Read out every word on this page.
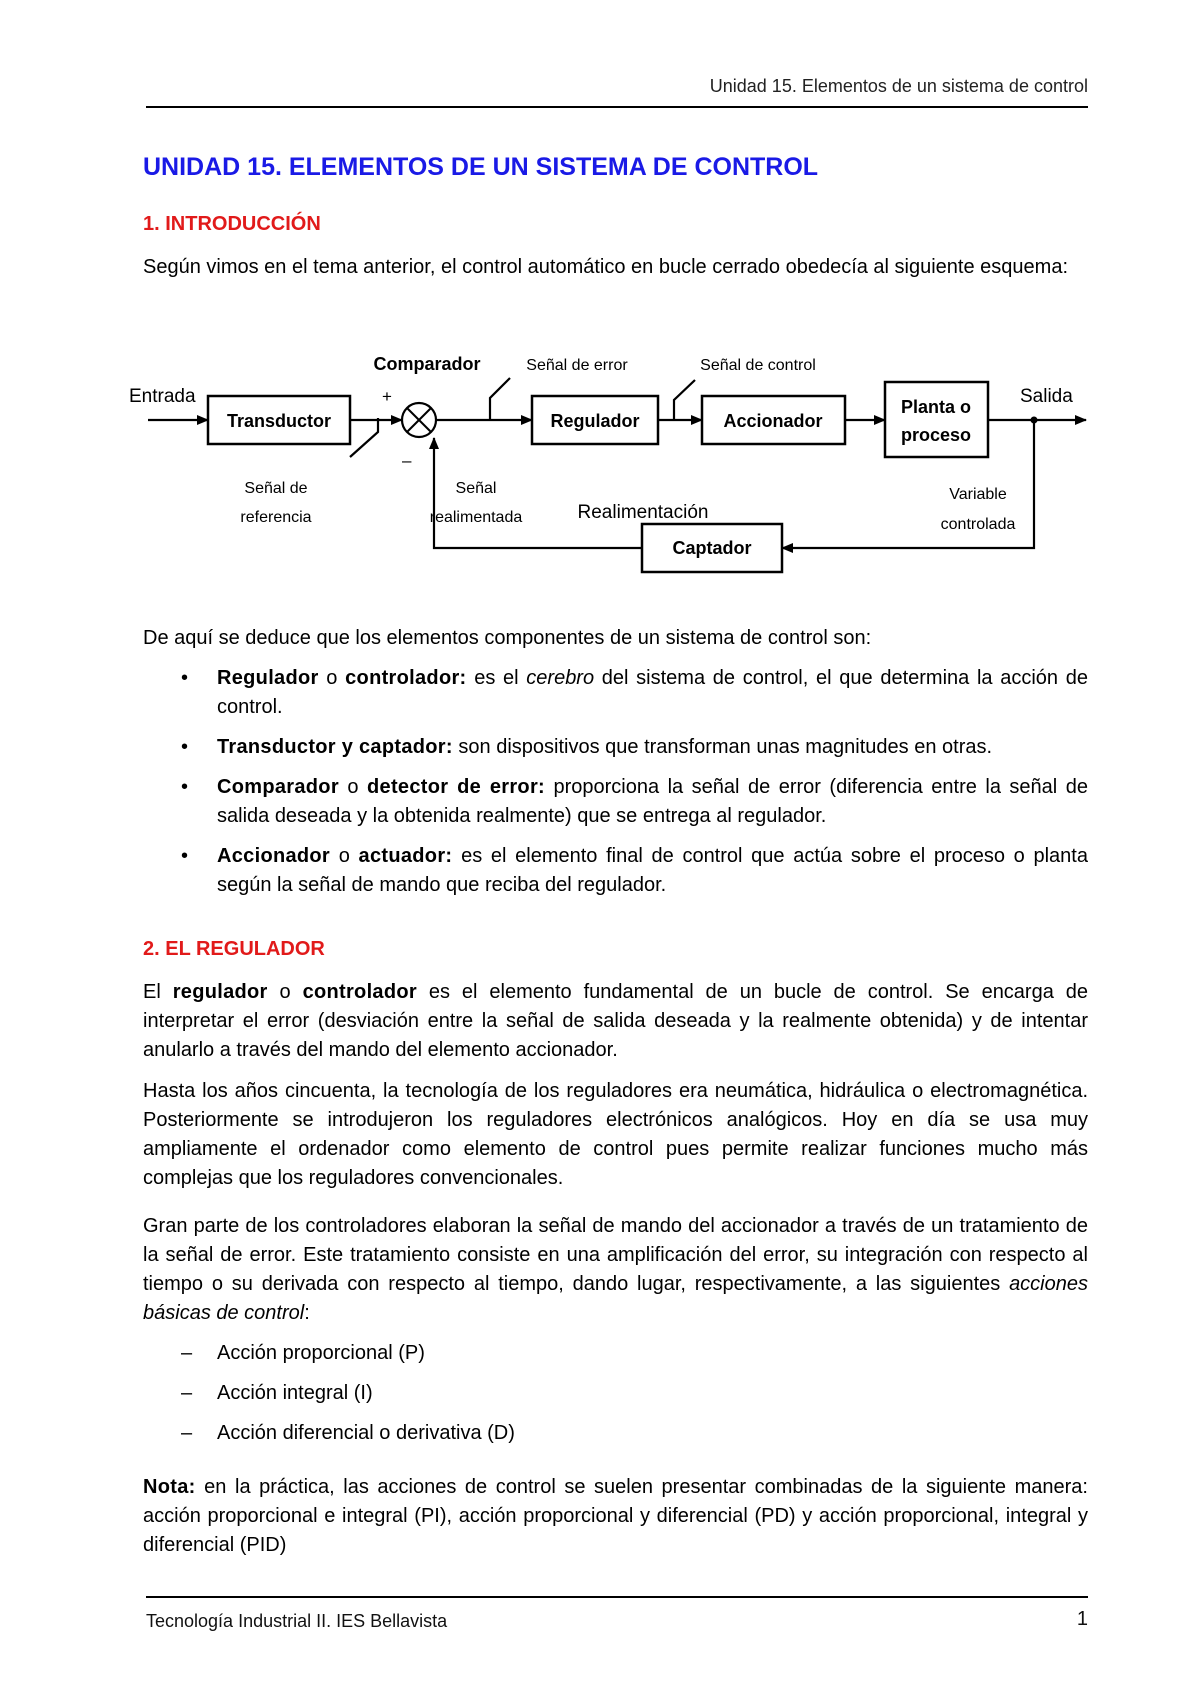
Unidad 15. Elementos de un sistema de control
UNIDAD 15. ELEMENTOS DE UN SISTEMA DE CONTROL
1. INTRODUCCIÓN

Según vimos en el tema anterior, el control automático en bucle cerrado obedecía al siguiente esquema:

Transductor	Regulador	Accionador
Planta o
proceso
Captador
Comparador
Entrada	Salida
Realimentación
Señal de error	Señal de control
Señal de
referencia
Señal
realimentada
Variable
controlada
+
–

De aquí se deduce que los elementos componentes de un sistema de control son:

• Regulador o controlador: es el cerebro del sistema de control, el que determina la acción de control.
• Transductor y captador: son dispositivos que transforman unas magnitudes en otras.
• Comparador o detector de error: proporciona la señal de error (diferencia entre la señal de salida deseada y la obtenida realmente) que se entrega al regulador.
• Accionador o actuador: es el elemento final de control que actúa sobre el proceso o planta según la señal de mando que reciba del regulador.
2. EL REGULADOR

El regulador o controlador es el elemento fundamental de un bucle de control. Se encarga de interpretar el error (desviación entre la señal de salida deseada y la realmente obtenida) y de intentar anularlo a través del mando del elemento accionador.

Hasta los años cincuenta, la tecnología de los reguladores era neumática, hidráulica o electromagnética. Posteriormente se introdujeron los reguladores electrónicos analógicos. Hoy en día se usa muy ampliamente el ordenador como elemento de control pues permite realizar funciones mucho más complejas que los reguladores convencionales.

Gran parte de los controladores elaboran la señal de mando del accionador a través de un tratamiento de la señal de error. Este tratamiento consiste en una amplificación del error, su integración con respecto al tiempo o su derivada con respecto al tiempo, dando lugar, respectivamente, a las siguientes acciones básicas de control:

– Acción proporcional (P)
– Acción integral (I)
– Acción diferencial o derivativa (D)

Nota: en la práctica, las acciones de control se suelen presentar combinadas de la siguiente manera: acción proporcional e integral (PI), acción proporcional y diferencial (PD) y acción proporcional, integral y diferencial (PID)

Tecnología Industrial II. IES Bellavista	1
